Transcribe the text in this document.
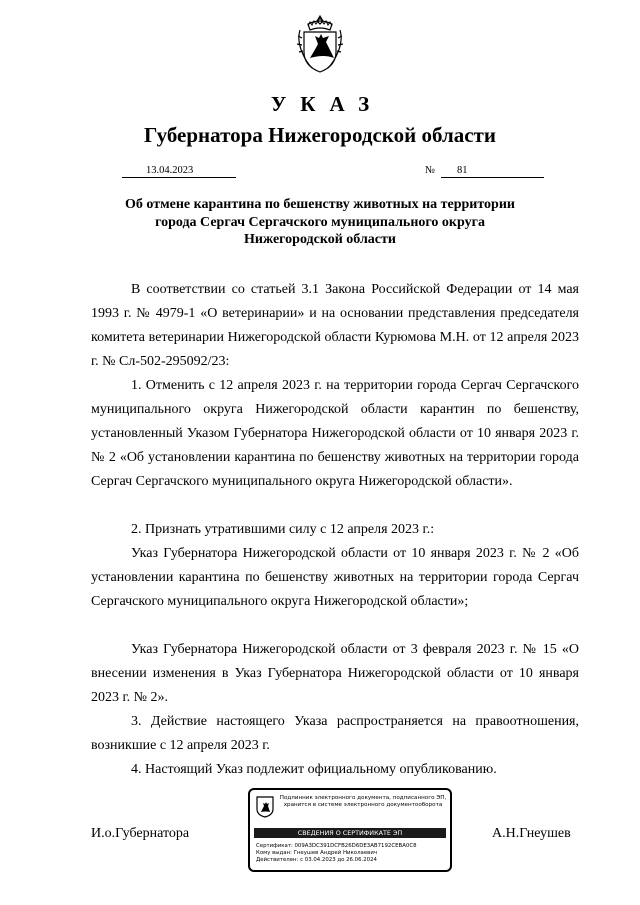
УКАЗ
Губернатора Нижегородской области
13.04.2023	№	81
Об отмене карантина по бешенству животных на территории
города Сергач Сергачского муниципального округа
Нижегородской области

В соответствии со статьей 3.1 Закона Российской Федерации от 14 мая 1993 г. № 4979-1 «О ветеринарии» и на основании представления председателя комитета ветеринарии Нижегородской области Курюмова М.Н. от 12 апреля 2023 г. № Сл-502-295092/23:

1. Отменить с 12 апреля 2023 г. на территории города Сергач Сергачского муниципального округа Нижегородской области карантин по бешенству, установленный Указом Губернатора Нижегородской области от 10 января 2023 г. № 2 «Об установлении карантина по бешенству животных на территории города Сергач Сергачского муниципального округа Нижегородской области».

2. Признать утратившими силу с 12 апреля 2023 г.:

Указ Губернатора Нижегородской области от 10 января 2023 г. № 2 «Об установлении карантина по бешенству животных на территории города Сергач Сергачского муниципального округа Нижегородской области»;

Указ Губернатора Нижегородской области от 3 февраля 2023 г. № 15 «О внесении изменения в Указ Губернатора Нижегородской области от 10 января 2023 г. № 2».

3. Действие настоящего Указа распространяется на правоотношения, возникшие с 12 апреля 2023 г.

4. Настоящий Указ подлежит официальному опубликованию.

И.о.Губернатора	А.Н.Гнеушев
Подлинник электронного документа, подписанного ЭП, хранится в системе электронного документооборота
СВЕДЕНИЯ О СЕРТИФИКАТЕ ЭП
Сертификат: 009A3DC391DCFB26D6DE3AB7192CEBA0C8
Кому выдан: Гнеушев Андрей Николаевич
Действителен: с 03.04.2023 до 26.06.2024
